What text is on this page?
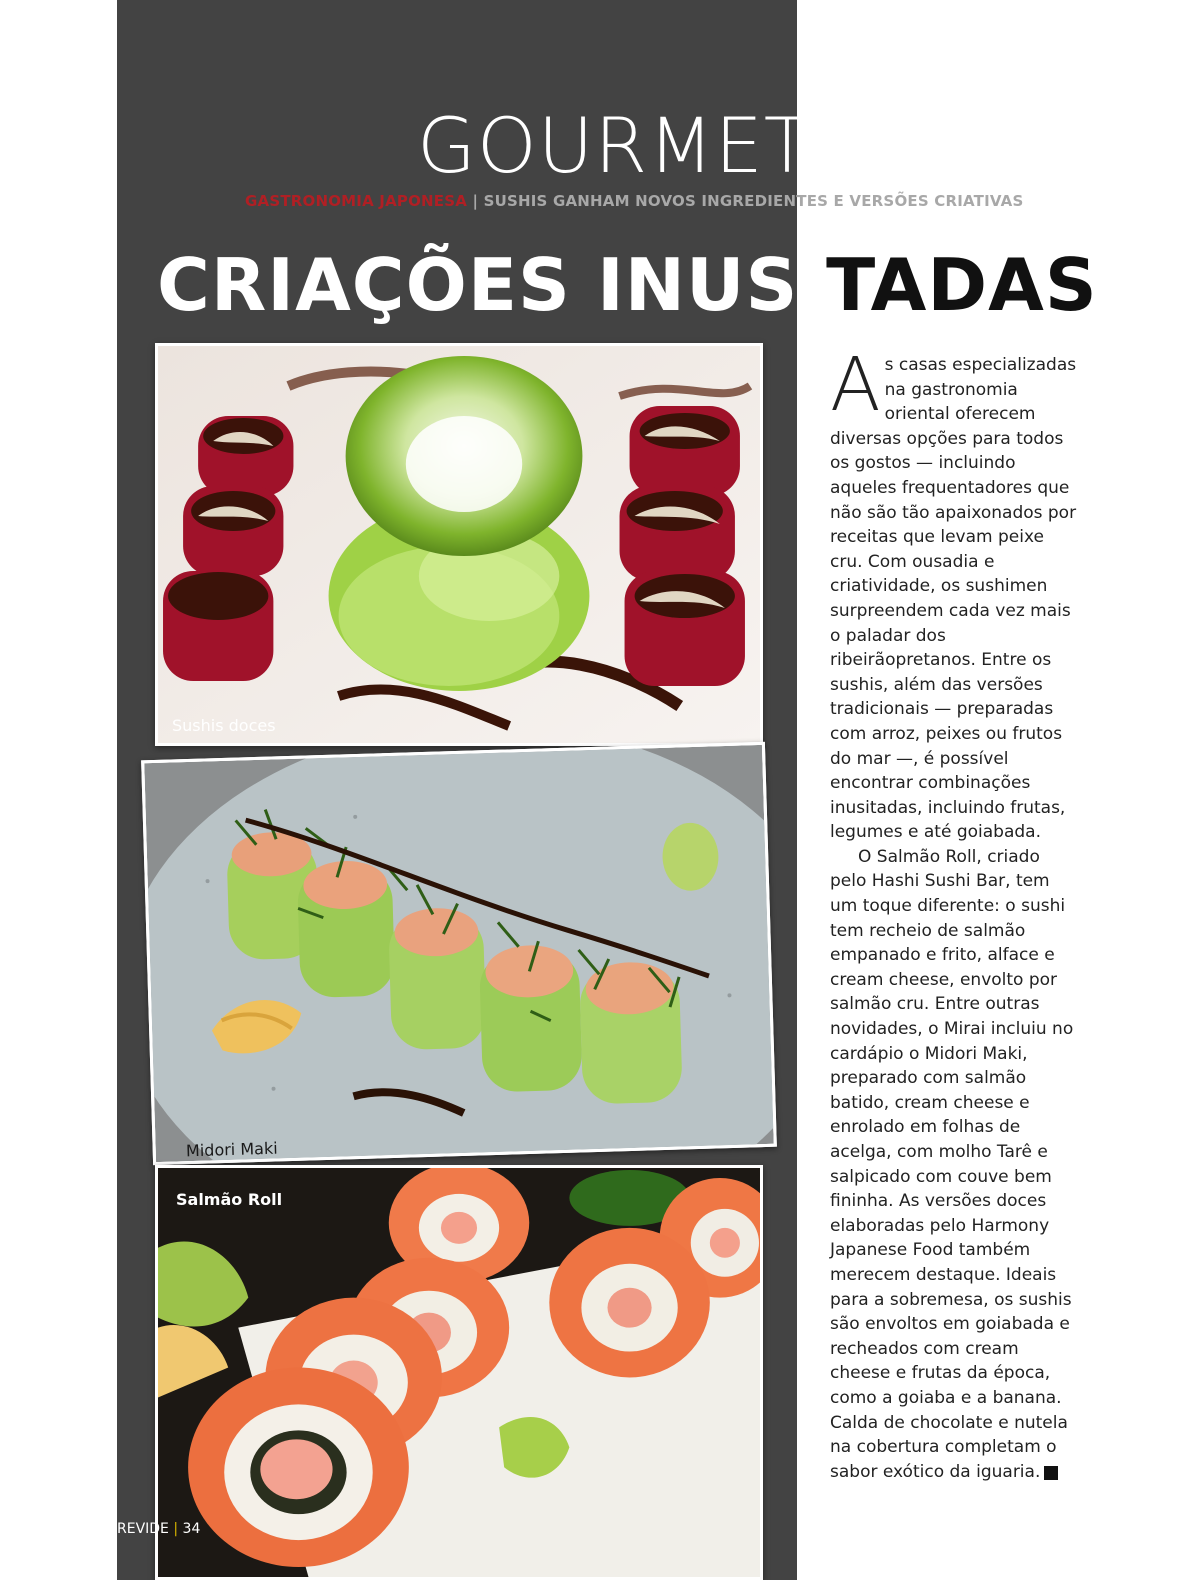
GOURMET
GASTRONOMIA JAPONESA | SUSHIS GANHAM NOVOS INGREDIENTES E VERSÕES CRIATIVAS
CRIAÇÕES INUSITADAS
Sushis doces
Midori Maki
Salmão Roll

As casas especializadas na gastronomia oriental oferecem diversas opções para todos os gostos — incluindo aqueles frequentadores que não são tão apaixonados por receitas que levam peixe cru. Com ousadia e criatividade, os sushimen surpreendem cada vez mais o paladar dos ribeirãopretanos. Entre os sushis, além das versões tradicionais — preparadas com arroz, peixes ou frutos do mar —, é possível encontrar combinações inusitadas, incluindo frutas, legumes e até goiabada.

O Salmão Roll, criado pelo Hashi Sushi Bar, tem um toque diferente: o sushi tem recheio de salmão empanado e frito, alface e cream cheese, envolto por salmão cru. Entre outras novidades, o Mirai incluiu no cardápio o Midori Maki, preparado com salmão batido, cream cheese e enrolado em folhas de acelga, com molho Tarê e salpicado com couve bem fininha. As versões doces elaboradas pelo Harmony Japanese Food também merecem destaque. Ideais para a sobremesa, os sushis são envoltos em goiabada e recheados com cream cheese e frutas da época, como a goiaba e a banana. Calda de chocolate e nutela na cobertura completam o sabor exótico da iguaria.	r

REVIDE | 34
